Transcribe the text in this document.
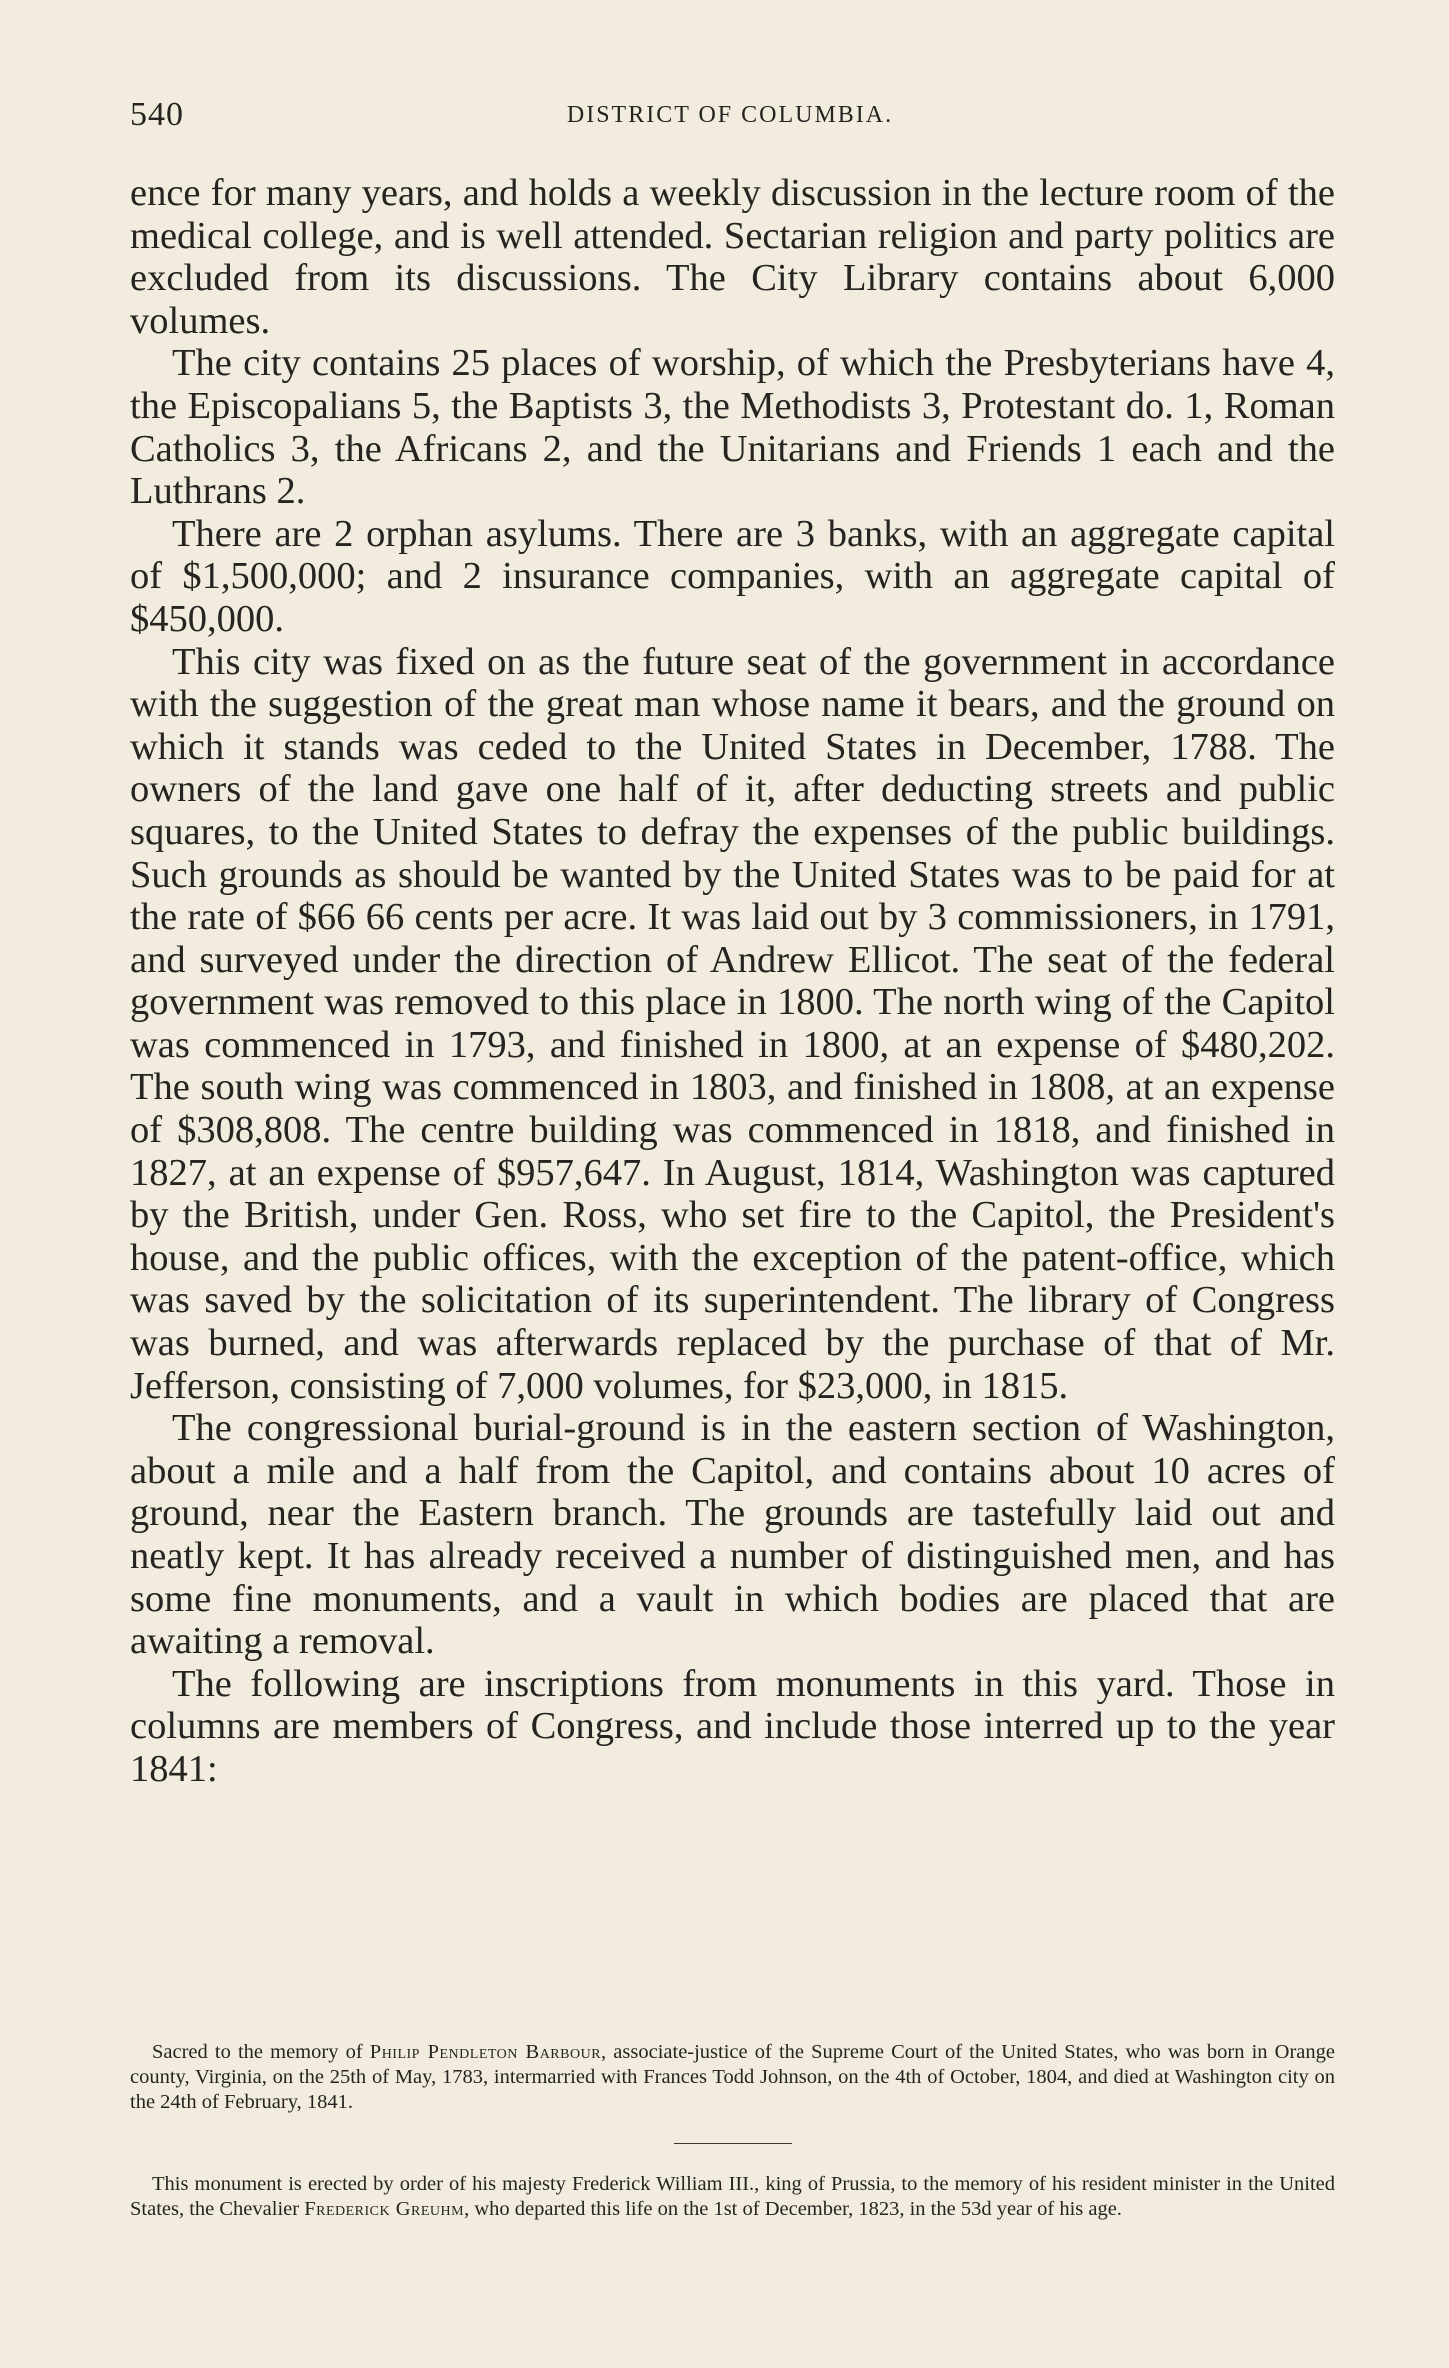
540	DISTRICT OF COLUMBIA.

ence for many years, and holds a weekly discussion in the lecture room of the medical college, and is well attended. Sectarian religion and party politics are excluded from its discussions. The City Library contains about 6,000 volumes.

The city contains 25 places of worship, of which the Presbyterians have 4, the Episcopalians 5, the Baptists 3, the Methodists 3, Protestant do. 1, Roman Catholics 3, the Africans 2, and the Unitarians and Friends 1 each and the Luthrans 2.

There are 2 orphan asylums. There are 3 banks, with an aggregate capital of $1,500,000; and 2 insurance companies, with an aggregate capital of $450,000.

This city was fixed on as the future seat of the government in accordance with the suggestion of the great man whose name it bears, and the ground on which it stands was ceded to the United States in December, 1788. The owners of the land gave one half of it, after deducting streets and public squares, to the United States to defray the expenses of the public buildings. Such grounds as should be wanted by the United States was to be paid for at the rate of $66 66 cents per acre. It was laid out by 3 commissioners, in 1791, and surveyed under the direction of Andrew Ellicot. The seat of the federal government was removed to this place in 1800. The north wing of the Capitol was commenced in 1793, and finished in 1800, at an expense of $480,202. The south wing was commenced in 1803, and finished in 1808, at an expense of $308,808. The centre building was commenced in 1818, and finished in 1827, at an expense of $957,647. In August, 1814, Washington was captured by the British, under Gen. Ross, who set fire to the Capitol, the President's house, and the public offices, with the exception of the patent-office, which was saved by the solicitation of its superintendent. The library of Congress was burned, and was afterwards replaced by the purchase of that of Mr. Jefferson, consisting of 7,000 volumes, for $23,000, in 1815.

The congressional burial-ground is in the eastern section of Washington, about a mile and a half from the Capitol, and contains about 10 acres of ground, near the Eastern branch. The grounds are tastefully laid out and neatly kept. It has already received a number of distinguished men, and has some fine monuments, and a vault in which bodies are placed that are awaiting a removal.

The following are inscriptions from monuments in this yard. Those in columns are members of Congress, and include those interred up to the year 1841:

Sacred to the memory of Philip Pendleton Barbour, associate-justice of the Supreme Court of the United States, who was born in Orange county, Virginia, on the 25th of May, 1783, intermarried with Frances Todd Johnson, on the 4th of October, 1804, and died at Washington city on the 24th of February, 1841.

This monument is erected by order of his majesty Frederick William III., king of Prussia, to the memory of his resident minister in the United States, the Chevalier Frederick Greuhm, who departed this life on the 1st of December, 1823, in the 53d year of his age.
